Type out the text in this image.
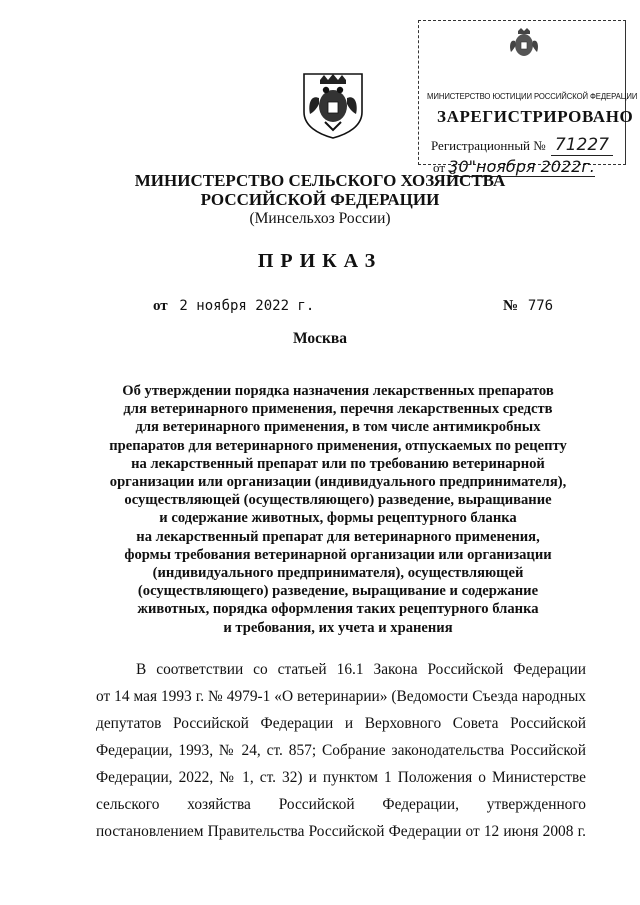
МИНИСТЕРСТВО ЮСТИЦИИ РОССИЙСКОЙ ФЕДЕРАЦИИ
ЗАРЕГИСТРИРОВАНО
Регистрационный № 71227
от 30"ноября 2022г.
МИНИСТЕРСТВО СЕЛЬСКОГО ХОЗЯЙСТВА
РОССИЙСКОЙ ФЕДЕРАЦИИ
(Минсельхоз России)
ПРИКАЗ
от 2 ноября 2022 г.	№ 776
Москва
Об утверждении порядка назначения лекарственных препаратов
для ветеринарного применения, перечня лекарственных средств
для ветеринарного применения, в том числе антимикробных
препаратов для ветеринарного применения, отпускаемых по рецепту
на лекарственный препарат или по требованию ветеринарной
организации или организации (индивидуального предпринимателя),
осуществляющей (осуществляющего) разведение, выращивание
и содержание животных, формы рецептурного бланка
на лекарственный препарат для ветеринарного применения,
формы требования ветеринарной организации или организации
(индивидуального предпринимателя), осуществляющей
(осуществляющего) разведение, выращивание и содержание
животных, порядка оформления таких рецептурного бланка
и требования, их учета и хранения
В соответствии со статьей 16.1 Закона Российской Федерации
от 14 мая 1993 г. № 4979-1 «О ветеринарии» (Ведомости Съезда народных
депутатов Российской Федерации и Верховного Совета Российской
Федерации, 1993, № 24, ст. 857; Собрание законодательства Российской
Федерации, 2022, № 1, ст. 32) и пунктом 1 Положения о Министерстве
сельского хозяйства Российской Федерации, утвержденного
постановлением Правительства Российской Федерации от 12 июня 2008 г.
